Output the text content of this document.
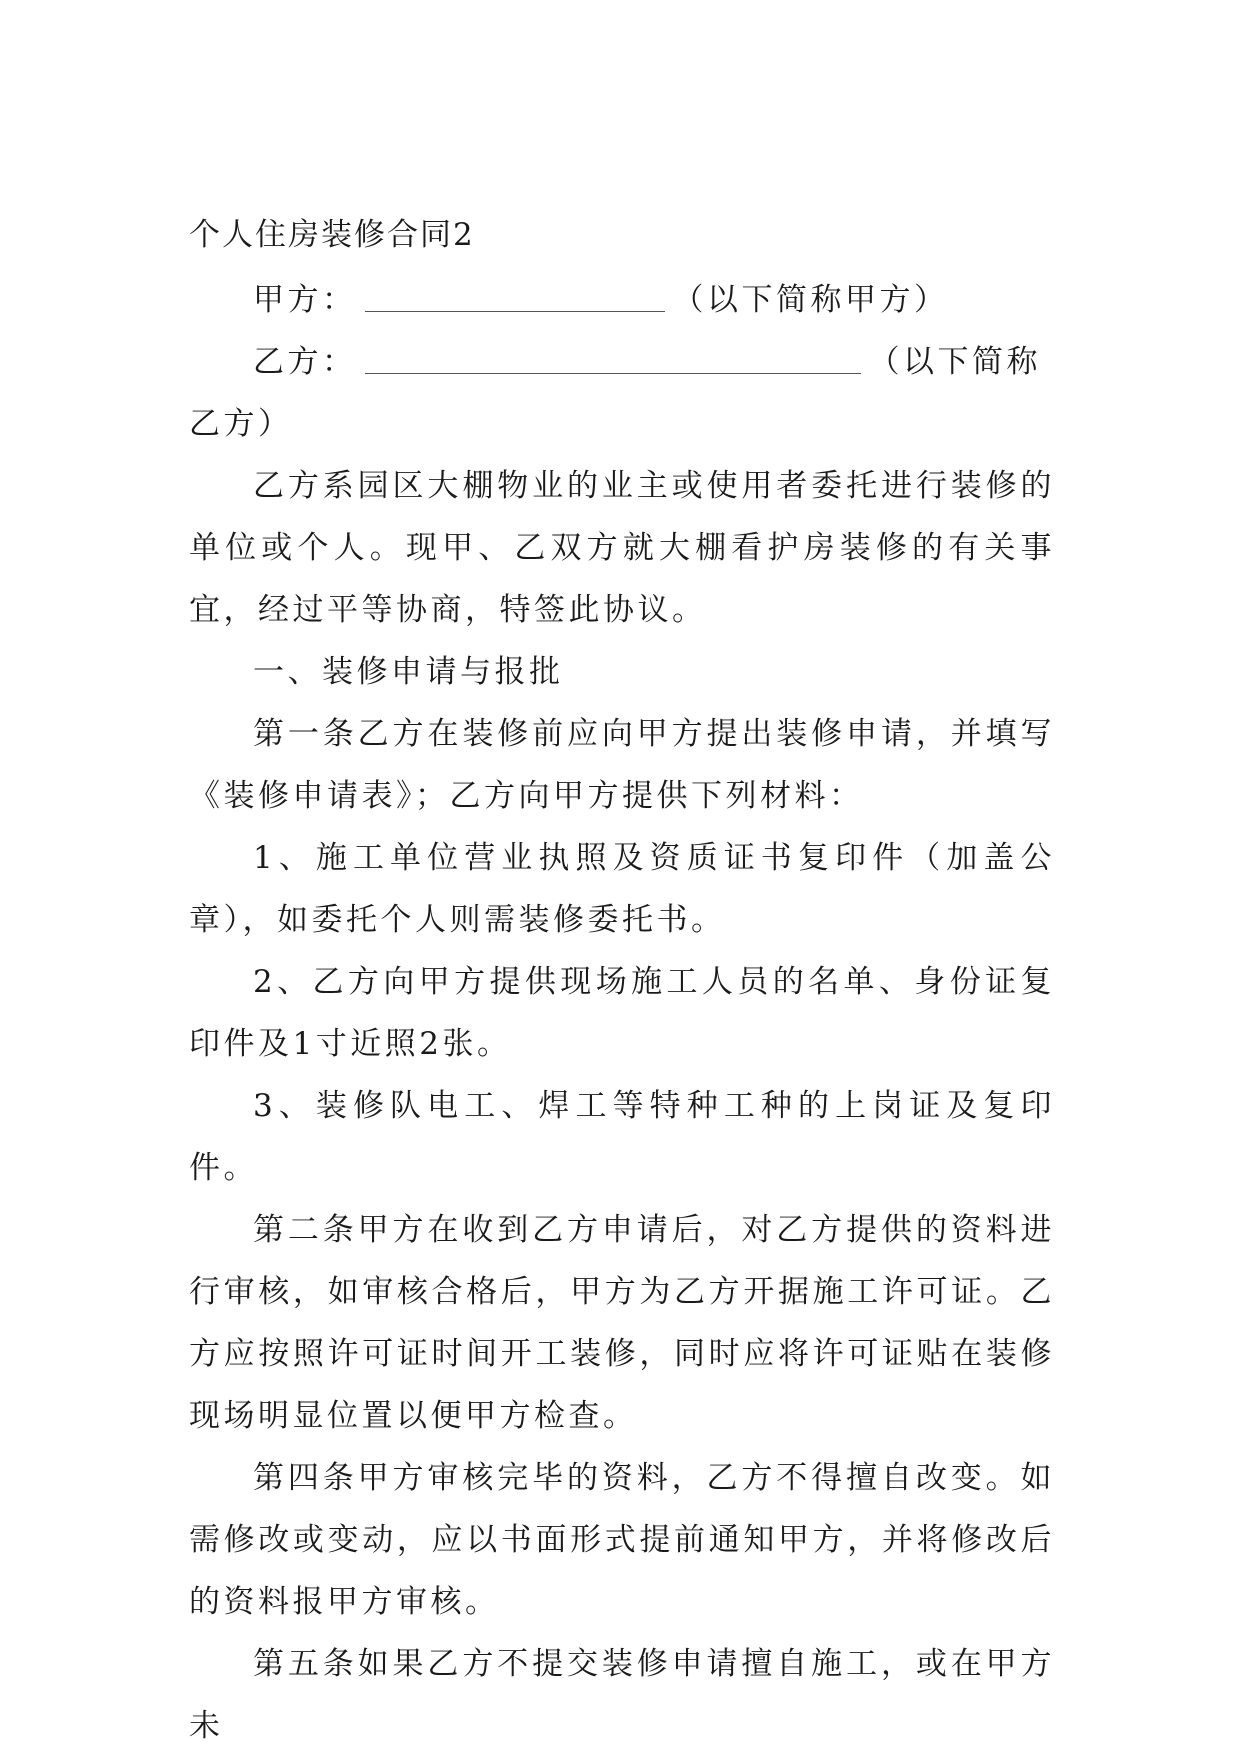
个人住房装修合同2

甲方：	（以下简称甲方）

乙方：	（以下简称乙方）

乙方系园区大棚物业的业主或使用者委托进行装修的单位或个人。现甲、乙双方就大棚看护房装修的有关事宜，经过平等协商，特签此协议。

一、装修申请与报批

第一条乙方在装修前应向甲方提出装修申请，并填写《装修申请表》；乙方向甲方提供下列材料：

1、施工单位营业执照及资质证书复印件（加盖公章），如委托个人则需装修委托书。

2、乙方向甲方提供现场施工人员的名单、身份证复印件及1寸近照2张。

3、装修队电工、焊工等特种工种的上岗证及复印件。

第二条甲方在收到乙方申请后，对乙方提供的资料进行审核，如审核合格后，甲方为乙方开据施工许可证。乙方应按照许可证时间开工装修，同时应将许可证贴在装修现场明显位置以便甲方检查。

第四条甲方审核完毕的资料，乙方不得擅自改变。如需修改或变动，应以书面形式提前通知甲方，并将修改后的资料报甲方审核。

第五条如果乙方不提交装修申请擅自施工，或在甲方未
